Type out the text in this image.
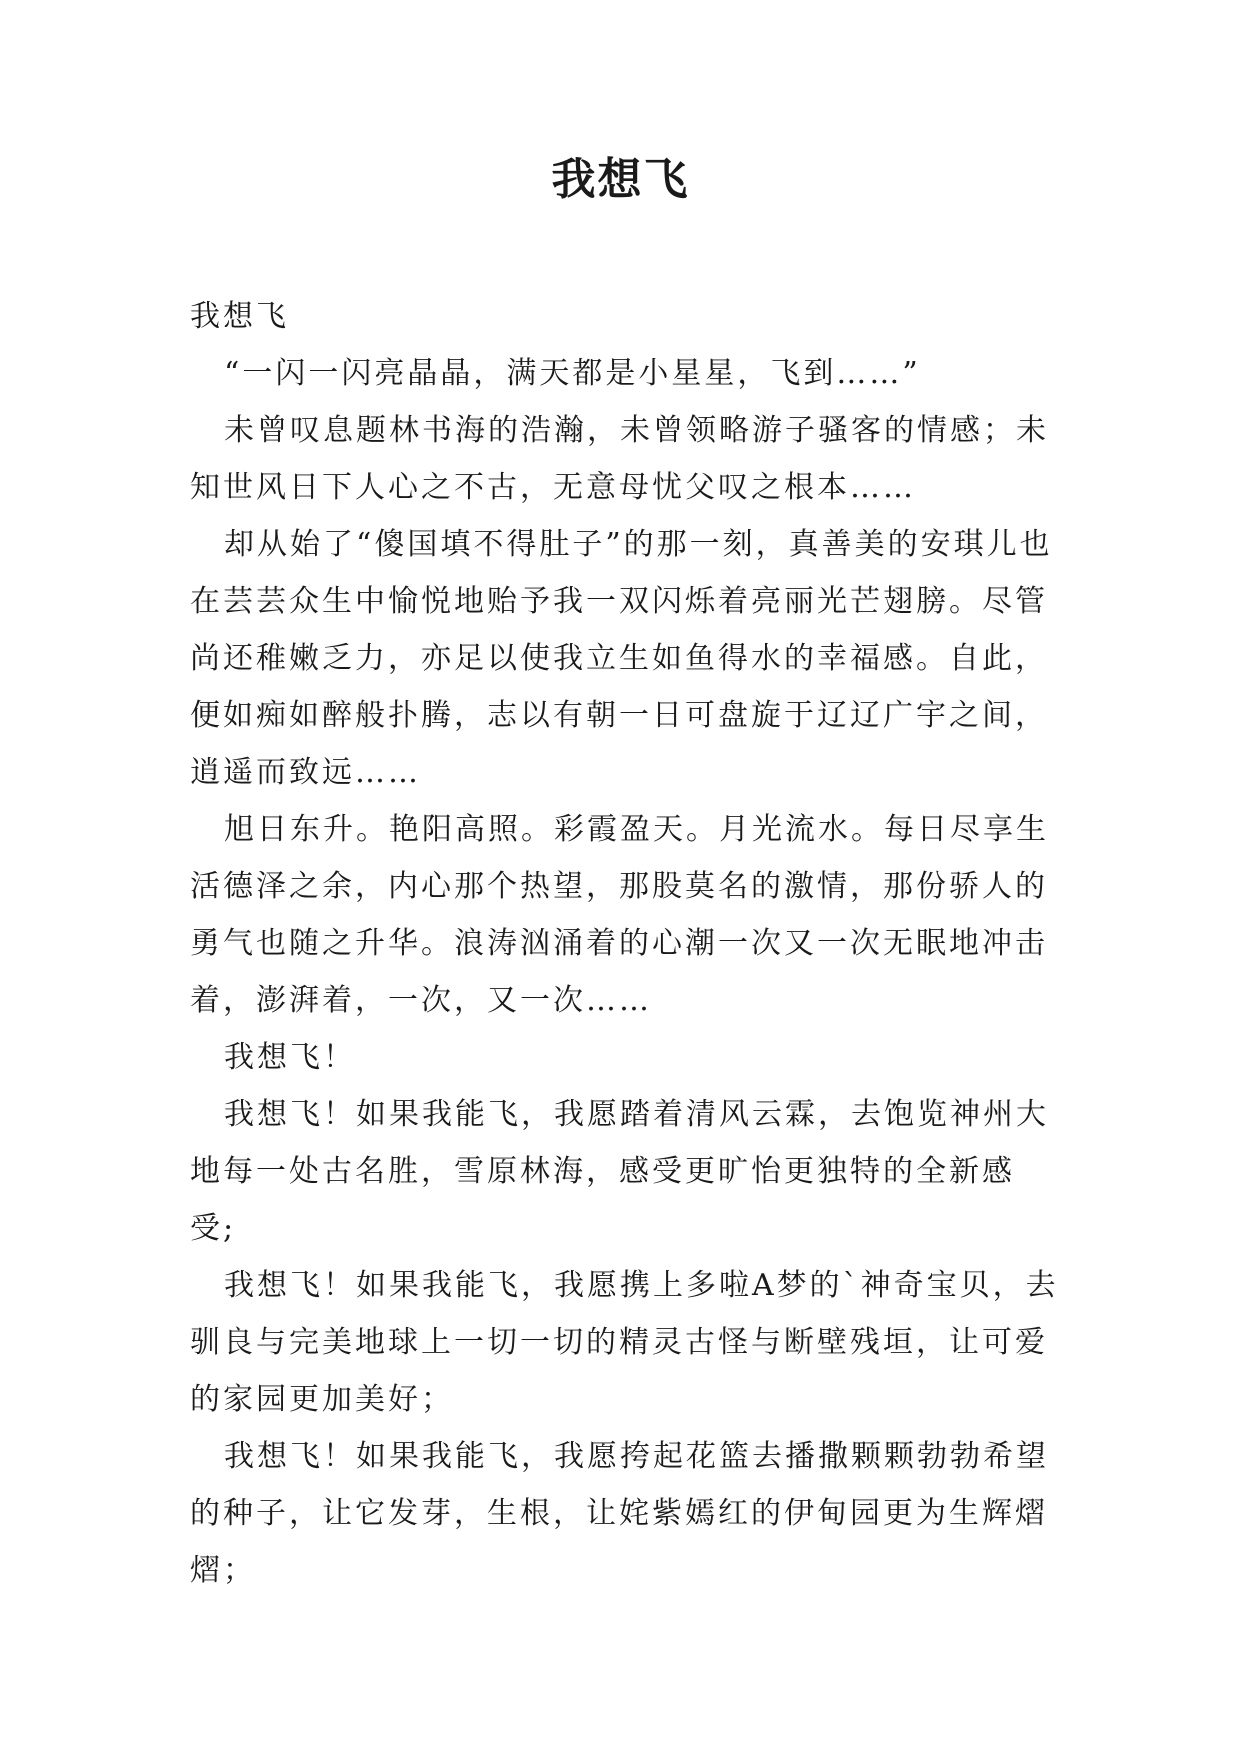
我想飞

我想飞

“一闪一闪亮晶晶，满天都是小星星，飞到……”

未曾叹息题林书海的浩瀚，未曾领略游子骚客的情感；未知世风日下人心之不古，无意母忧父叹之根本……

却从始了“傻国填不得肚子”的那一刻，真善美的安琪儿也在芸芸众生中愉悦地贻予我一双闪烁着亮丽光芒翅膀。尽管尚还稚嫩乏力，亦足以使我立生如鱼得水的幸福感。自此，便如痴如醉般扑腾，志以有朝一日可盘旋于辽辽广宇之间，逍遥而致远……

旭日东升。艳阳高照。彩霞盈天。月光流水。每日尽享生活德泽之余，内心那个热望，那股莫名的激情，那份骄人的勇气也随之升华。浪涛汹涌着的心潮一次又一次无眠地冲击着，澎湃着，一次，又一次……

我想飞！

我想飞！如果我能飞，我愿踏着清风云霖，去饱览神州大地每一处古名胜，雪原林海，感受更旷怡更独特的全新感受;

我想飞！如果我能飞，我愿携上多啦A梦的`神奇宝贝，去驯良与完美地球上一切一切的精灵古怪与断壁残垣，让可爱的家园更加美好；

我想飞！如果我能飞，我愿挎起花篮去播撒颗颗勃勃希望的种子，让它发芽，生根，让姹紫嫣红的伊甸园更为生辉熠熠；
